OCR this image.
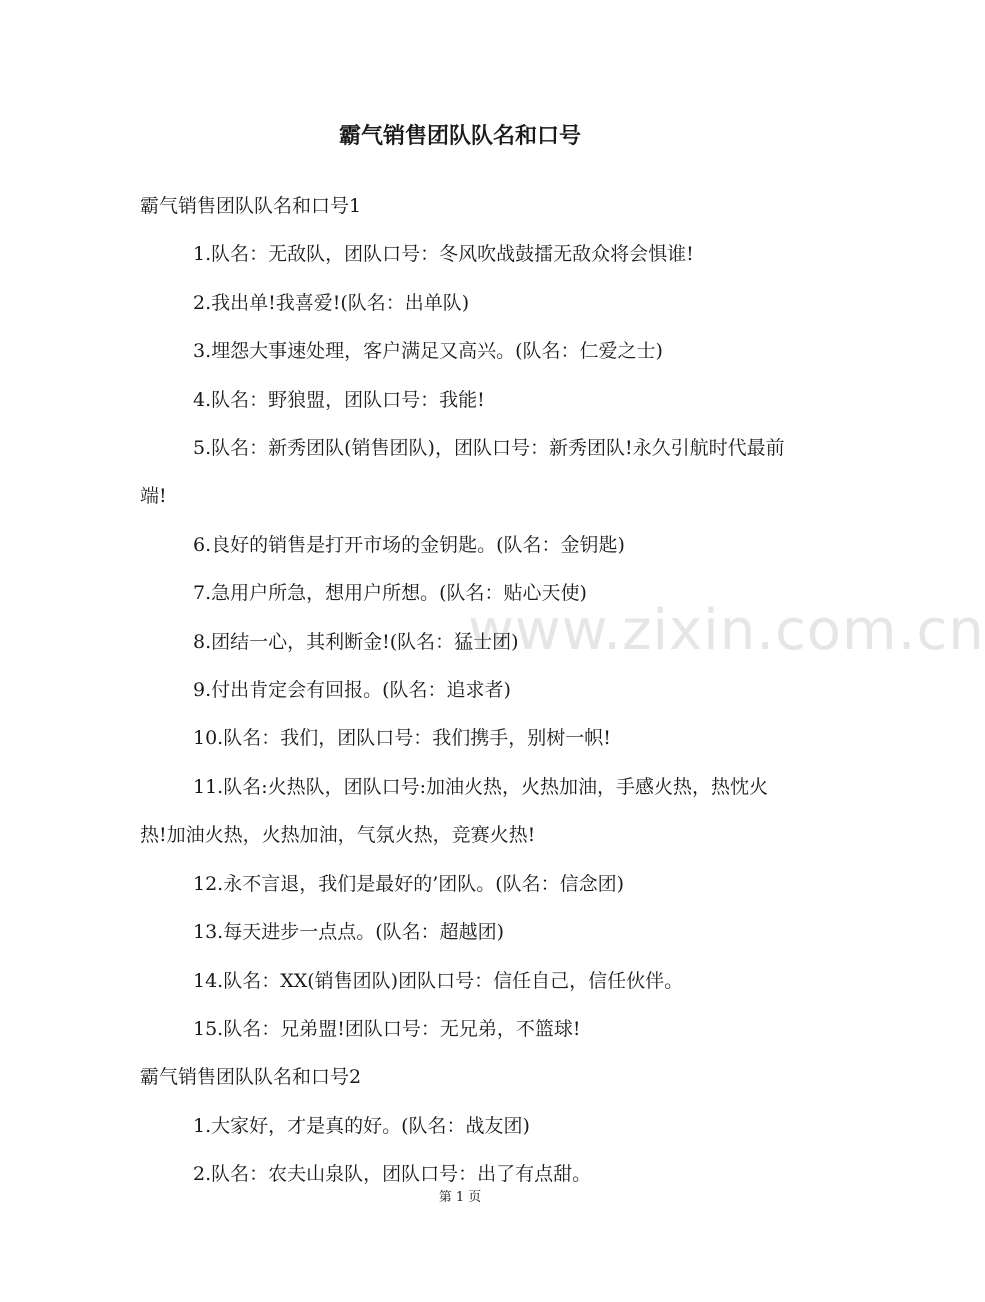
www.zixin.com.cn
霸气销售团队队名和口号

霸气销售团队队名和口号1

1.队名：无敌队，团队口号：冬风吹战鼓擂无敌众将会惧谁!

2.我出单!我喜爱!(队名：出单队)

3.埋怨大事速处理，客户满足又高兴。(队名：仁爱之士)

4.队名：野狼盟，团队口号：我能!

5.队名：新秀团队(销售团队)，团队口号：新秀团队!永久引航时代最前端!

6.良好的销售是打开市场的金钥匙。(队名：金钥匙)

7.急用户所急，想用户所想。(队名：贴心天使)

8.团结一心，其利断金!(队名：猛士团)

9.付出肯定会有回报。(队名：追求者)

10.队名：我们，团队口号：我们携手，别树一帜!

11.队名:火热队，团队口号:加油火热，火热加油，手感火热，热忱火热!加油火热，火热加油，气氛火热，竞赛火热!

12.永不言退，我们是最好的’团队。(队名：信念团)

13.每天进步一点点。(队名：超越团)

14.队名：XX(销售团队)团队口号：信任自己，信任伙伴。

15.队名：兄弟盟!团队口号：无兄弟，不篮球!

霸气销售团队队名和口号2

1.大家好，才是真的好。(队名：战友团)

2.队名：农夫山泉队，团队口号：出了有点甜。

第 1 页
